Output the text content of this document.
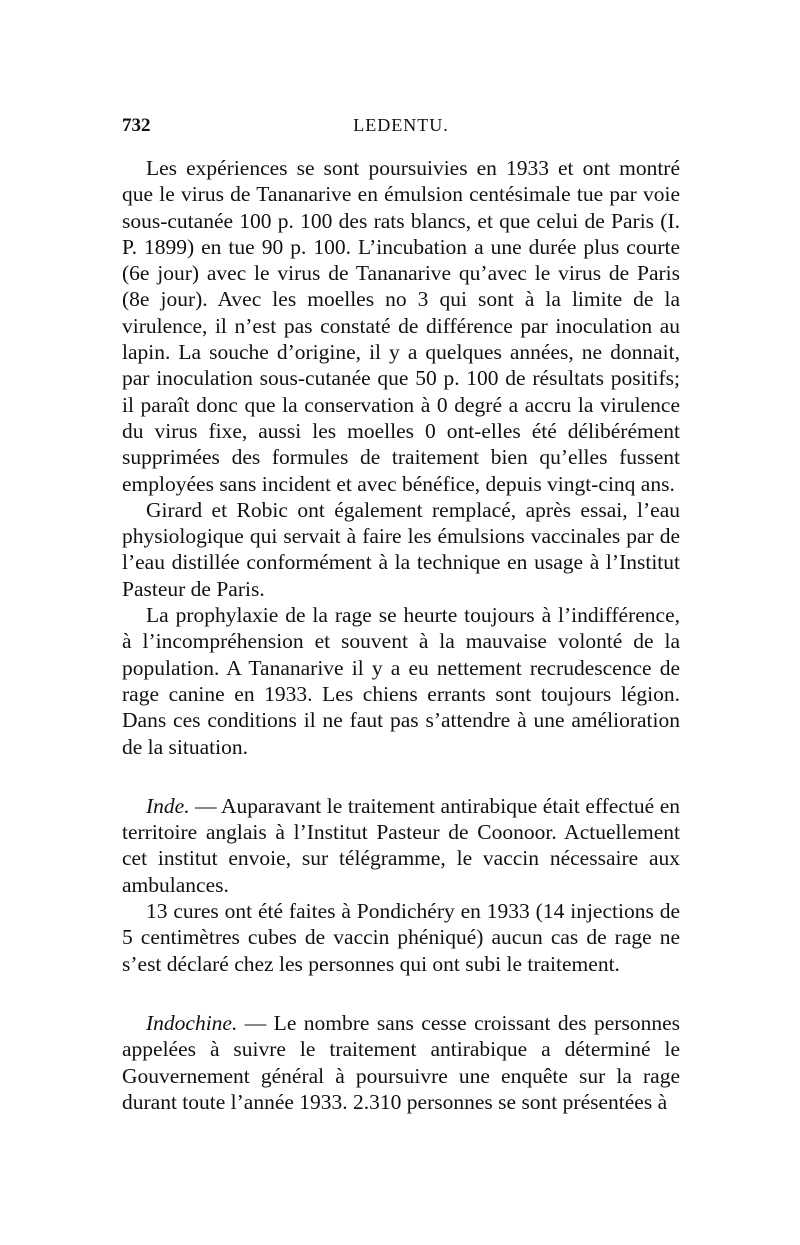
732	LEDENTU.

Les expériences se sont poursuivies en 1933 et ont montré que le virus de Tananarive en émulsion centésimale tue par voie sous-cutanée 100 p. 100 des rats blancs, et que celui de Paris (I. P. 1899) en tue 90 p. 100. L’incubation a une durée plus courte (6e jour) avec le virus de Tananarive qu’avec le virus de Paris (8e jour). Avec les moelles no 3 qui sont à la limite de la virulence, il n’est pas constaté de différence par inoculation au lapin. La souche d’origine, il y a quelques années, ne donnait, par inoculation sous-cutanée que 50 p. 100 de résultats positifs; il paraît donc que la conservation à 0 degré a accru la virulence du virus fixe, aussi les moelles 0 ont-elles été délibérément supprimées des formules de traitement bien qu’elles fussent employées sans incident et avec bénéfice, depuis vingt-cinq ans.

Girard et Robic ont également remplacé, après essai, l’eau physiologique qui servait à faire les émulsions vaccinales par de l’eau distillée conformément à la technique en usage à l’Institut Pasteur de Paris.

La prophylaxie de la rage se heurte toujours à l’indifférence, à l’incompréhension et souvent à la mauvaise volonté de la population. A Tananarive il y a eu nettement recrudescence de rage canine en 1933. Les chiens errants sont toujours légion. Dans ces conditions il ne faut pas s’attendre à une amélioration de la situation.

Inde. — Auparavant le traitement antirabique était effectué en territoire anglais à l’Institut Pasteur de Coonoor. Actuellement cet institut envoie, sur télégramme, le vaccin nécessaire aux ambulances.

13 cures ont été faites à Pondichéry en 1933 (14 injections de 5 centimètres cubes de vaccin phéniqué) aucun cas de rage ne s’est déclaré chez les personnes qui ont subi le traitement.

Indochine. — Le nombre sans cesse croissant des personnes appelées à suivre le traitement antirabique a déterminé le Gouvernement général à poursuivre une enquête sur la rage durant toute l’année 1933. 2.310 personnes se sont présentées à
